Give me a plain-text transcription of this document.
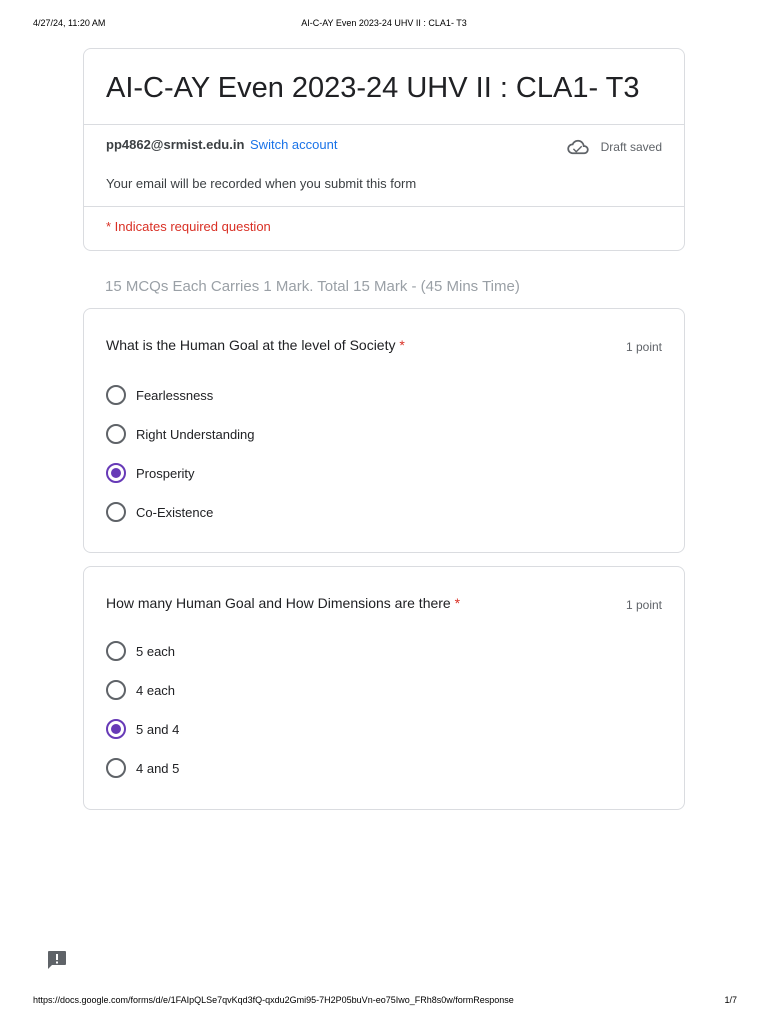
4/27/24, 11:20 AM	AI-C-AY Even 2023-24 UHV II : CLA1- T3
AI-C-AY Even 2023-24 UHV II : CLA1- T3
pp4862@srmist.edu.in Switch account	Draft saved
Your email will be recorded when you submit this form
* Indicates required question
15 MCQs Each Carries 1 Mark. Total 15 Mark - (45 Mins Time)
What is the Human Goal at the level of Society *	1 point
Fearlessness
Right Understanding
Prosperity
Co-Existence
How many Human Goal and How Dimensions are there *	1 point
5 each
4 each
5 and 4
4 and 5
https://docs.google.com/forms/d/e/1FAIpQLSe7qvKqd3fQ-qxdu2Gmi95-7H2P05buVn-eo75Iwo_FRh8s0w/formResponse	1/7
